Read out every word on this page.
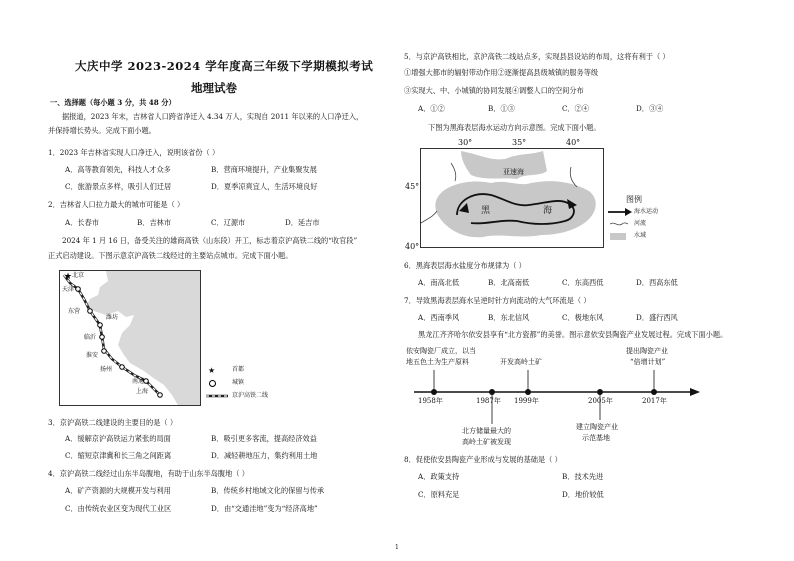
大庆中学 2023-2024 学年度高三年级下学期模拟考试
地理试卷
一、选择题（每小题 3 分，共 48 分）
据报道，2023 年末，吉林省人口跨省净迁入 4.34 万人，实现自 2011 年以来的人口净迁入，
并保持增长势头。完成下面小题。
1．2023 年吉林省实现人口净迁入，说明该省份（ ）
A．高等教育领先，科技人才众多	B．营商环境提升，产业集聚发展
C．旅游景点多样，吸引人们迁居	D．夏季凉爽宜人，生活环境良好
2．吉林省人口拉力最大的城市可能是（ ）
A．长春市	B．吉林市	C．辽源市	D．延吉市
2024 年 1 月 16 日，备受关注的雄商高铁（山东段）开工，标志着京沪高铁二线的“收官段”
正式启动建设。下图示意京沪高铁二线经过的主要站点城市。完成下面小题。
★ 北京
天津
东营
潍坊
临沂
淮安
扬州
南通
上海
★	首都
城镇
京沪高铁二线
3．京沪高铁二线建设的主要目的是（ ）
A．缓解京沪高铁运力紧张的局面	B．吸引更多客流，提高经济效益
C．缩短京津冀和长三角之间距离	D．减轻耕地压力，集约利用土地
4．京沪高铁二线经过山东半岛腹地，有助于山东半岛腹地（ ）
A．矿产资源的大规模开发与利用	B．传统乡村地域文化的保留与传承
C．由传统农业区变为现代工业区	D．由“交通洼地”变为“经济高地”
5．与京沪高铁相比，京沪高铁二线站点多，实现县县设站的布局，这将有利于（ ）
①增强大都市的辐射带动作用②逐渐提高县级城镇的服务等级
③实现大、中、小城镇的协同发展④调整人口的空间分布
A．①②	B．①③	C．②④	D．③④
下图为黑海表层海水运动方向示意图。完成下面小题。
30°	35°	40°
45°
40°
亚速海
黑	海
图例
海水运动
河流
水域
6．黑海表层海水盐度分布规律为（ ）
A．南高北低	B．北高南低	C．东高西低	D．西高东低
7．导致黑海表层海水呈逆时针方向流动的大气环流是（ ）
A．西南季风	B．东北信风	C．极地东风	D．盛行西风
黑龙江齐齐哈尔依安县享有“北方瓷都”的美誉。图示意依安县陶瓷产业发展过程。完成下面小题。
依安陶瓷厂成立，以当
地五色土为生产原料	开发高岭土矿
提出陶瓷产业
“倍增计划”
1958年	1987年 1999年	2005年	2017年
北方储量最大的
高岭土矿被发现
建立陶瓷产业
示范基地
8．促使依安县陶瓷产业形成与发展的基础是（ ）
A．政策支持	B．技术先进
C．原料充足	D．地价较低
1
